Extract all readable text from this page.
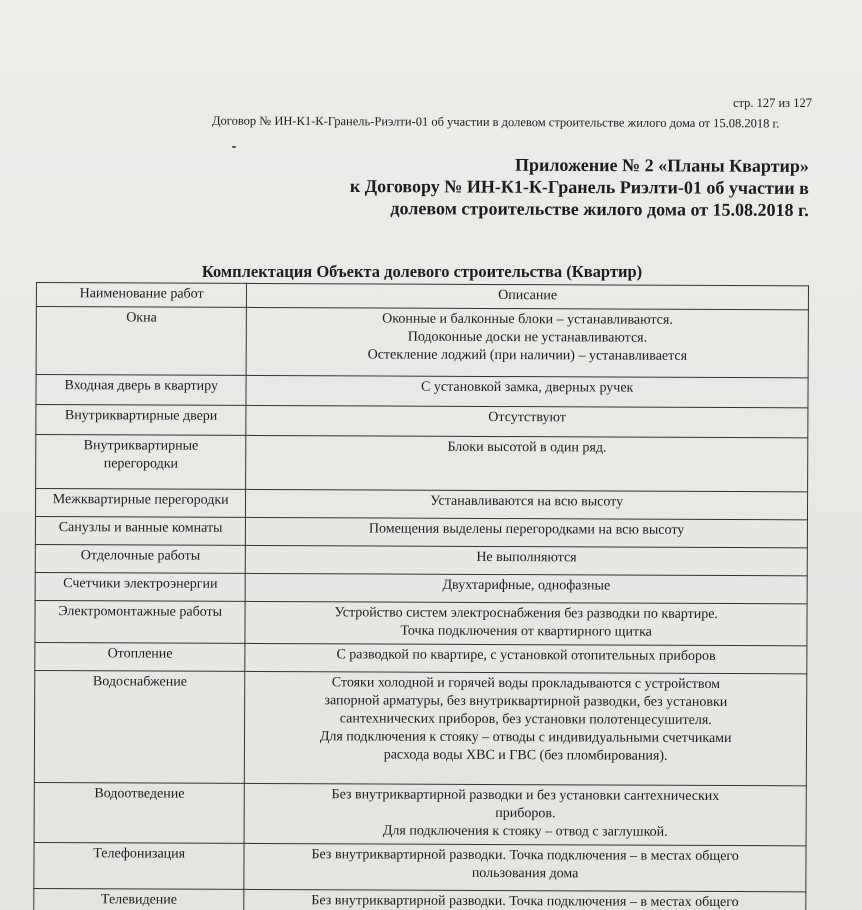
стр. 127 из 127
Договор № ИН-К1-К-Гранель-Риэлти-01 об участии в долевом строительстве жилого дома от 15.08.2018 г.
Приложение № 2 «Планы Квартир»
к Договору № ИН-К1-К-Гранель Риэлти-01 об участии в
долевом строительстве жилого дома от 15.08.2018 г.
Комплектация Объекта долевого строительства (Квартир)
Наименование работ	Описание

Окна	Оконные и балконные блоки – устанавливаются.
Подоконные доски не устанавливаются.
Остекление лоджий (при наличии) – устанавливается

Входная дверь в квартиру	С установкой замка, дверных ручек

Внутриквартирные двери	Отсутствуют

Внутриквартирные
перегородки	Блоки высотой в один ряд.

Межквартирные перегородки	Устанавливаются на всю высоту

Санузлы и ванные комнаты	Помещения выделены перегородками на всю высоту

Отделочные работы	Не выполняются

Счетчики электроэнергии	Двухтарифные, однофазные

Электромонтажные работы	Устройство систем электроснабжения без разводки по квартире.
Точка подключения от квартирного щитка

Отопление	С разводкой по квартире, с установкой отопительных приборов

Водоснабжение	Стояки холодной и горячей воды прокладываются с устройством
запорной арматуры, без внутриквартирной разводки, без установки
сантехнических приборов, без установки полотенцесушителя.
Для подключения к стояку – отводы с индивидуальными счетчиками
расхода воды ХВС и ГВС (без пломбирования).

Водоотведение	Без внутриквартирной разводки и без установки сантехнических
приборов.
Для подключения к стояку – отвод с заглушкой.

Телефонизация	Без внутриквартирной разводки. Точка подключения – в местах общего
пользования дома

Телевидение	Без внутриквартирной разводки. Точка подключения – в местах общего
